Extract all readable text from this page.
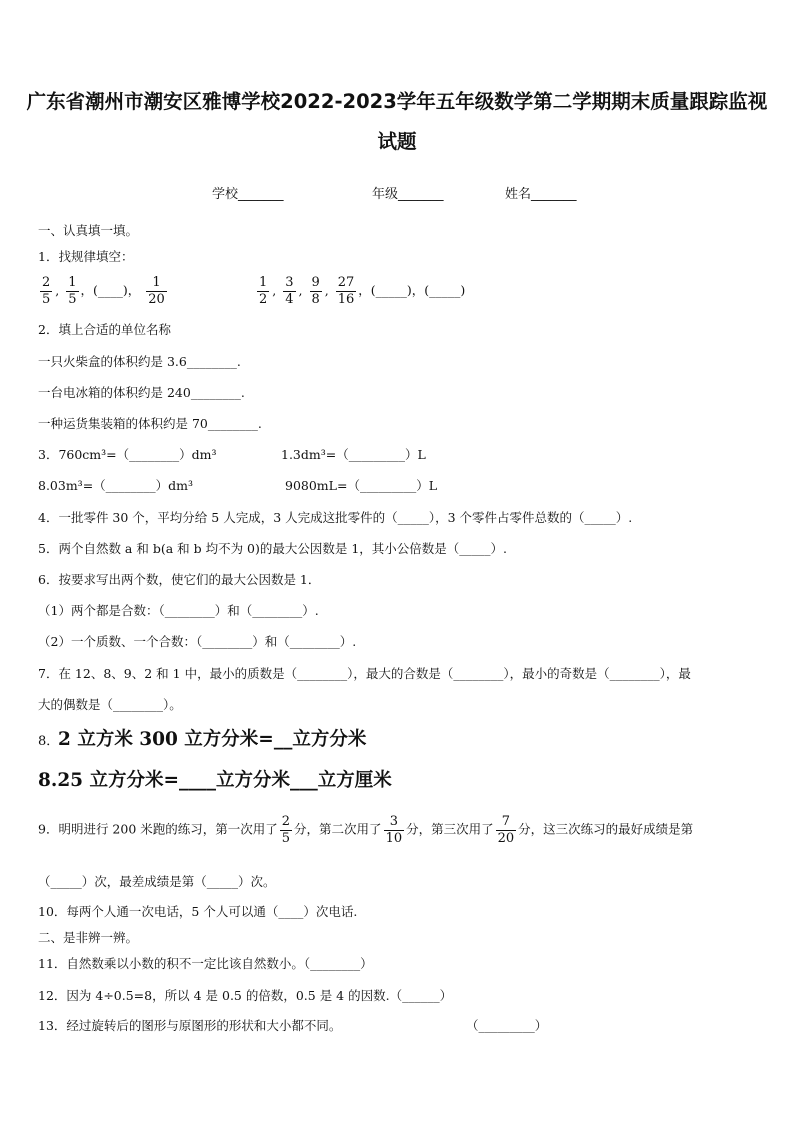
广东省潮州市潮安区雅博学校2022-2023学年五年级数学第二学期期末质量跟踪监视
试题
学校_______	年级_______	姓名_______
一、认真填一填。
1．找规律填空：
$\frac{2}{5}$ , $\frac{1}{5}$ ，(____)， $\frac{1}{20}$	$\frac{1}{2}$ , $\frac{3}{4}$ , $\frac{9}{8}$ , $\frac{27}{16}$ ，(_____)，(_____)
2．填上合适的单位名称
一只火柴盒的体积约是 3.6________.
一台电冰箱的体积约是 240________.
一种运货集装箱的体积约是 70________.
3．760cm³=（________）dm³	1.3dm³=（_________）L
8.03m³=（________）dm³	9080mL=（_________）L
4．一批零件 30 个，平均分给 5 人完成，3 人完成这批零件的（_____），3 个零件占零件总数的（_____）.
5．两个自然数 a 和 b(a 和 b 均不为 0)的最大公因数是 1，其小公倍数是（_____）.
6．按要求写出两个数，使它们的最大公因数是 1．
（1）两个都是合数：（________）和（________）.
（2）一个质数、一个合数：（________）和（________）.
7．在 12、8、9、2 和 1 中，最小的质数是（________），最大的合数是（________），最小的奇数是（________），最
大的偶数是（________）。
8．
2 立方米 300 立方分米=__立方分米
8.25 立方分米=____立方分米___立方厘米
9．明明进行 200 米跑的练习，第一次用了 $\frac{2}{5}$ 分，第二次用了 $\frac{3}{10}$ 分，第三次用了 $\frac{7}{20}$ 分，这三次练习的最好成绩是第
（_____）次，最差成绩是第（_____）次。
10．每两个人通一次电话，5 个人可以通（____）次电话.
二、是非辨一辨。
11．自然数乘以小数的积不一定比该自然数小。（________）
12．因为 4÷0.5=8，所以 4 是 0.5 的倍数，0.5 是 4 的因数.（______）
13．经过旋转后的图形与原图形的形状和大小都不同。	（_________）
